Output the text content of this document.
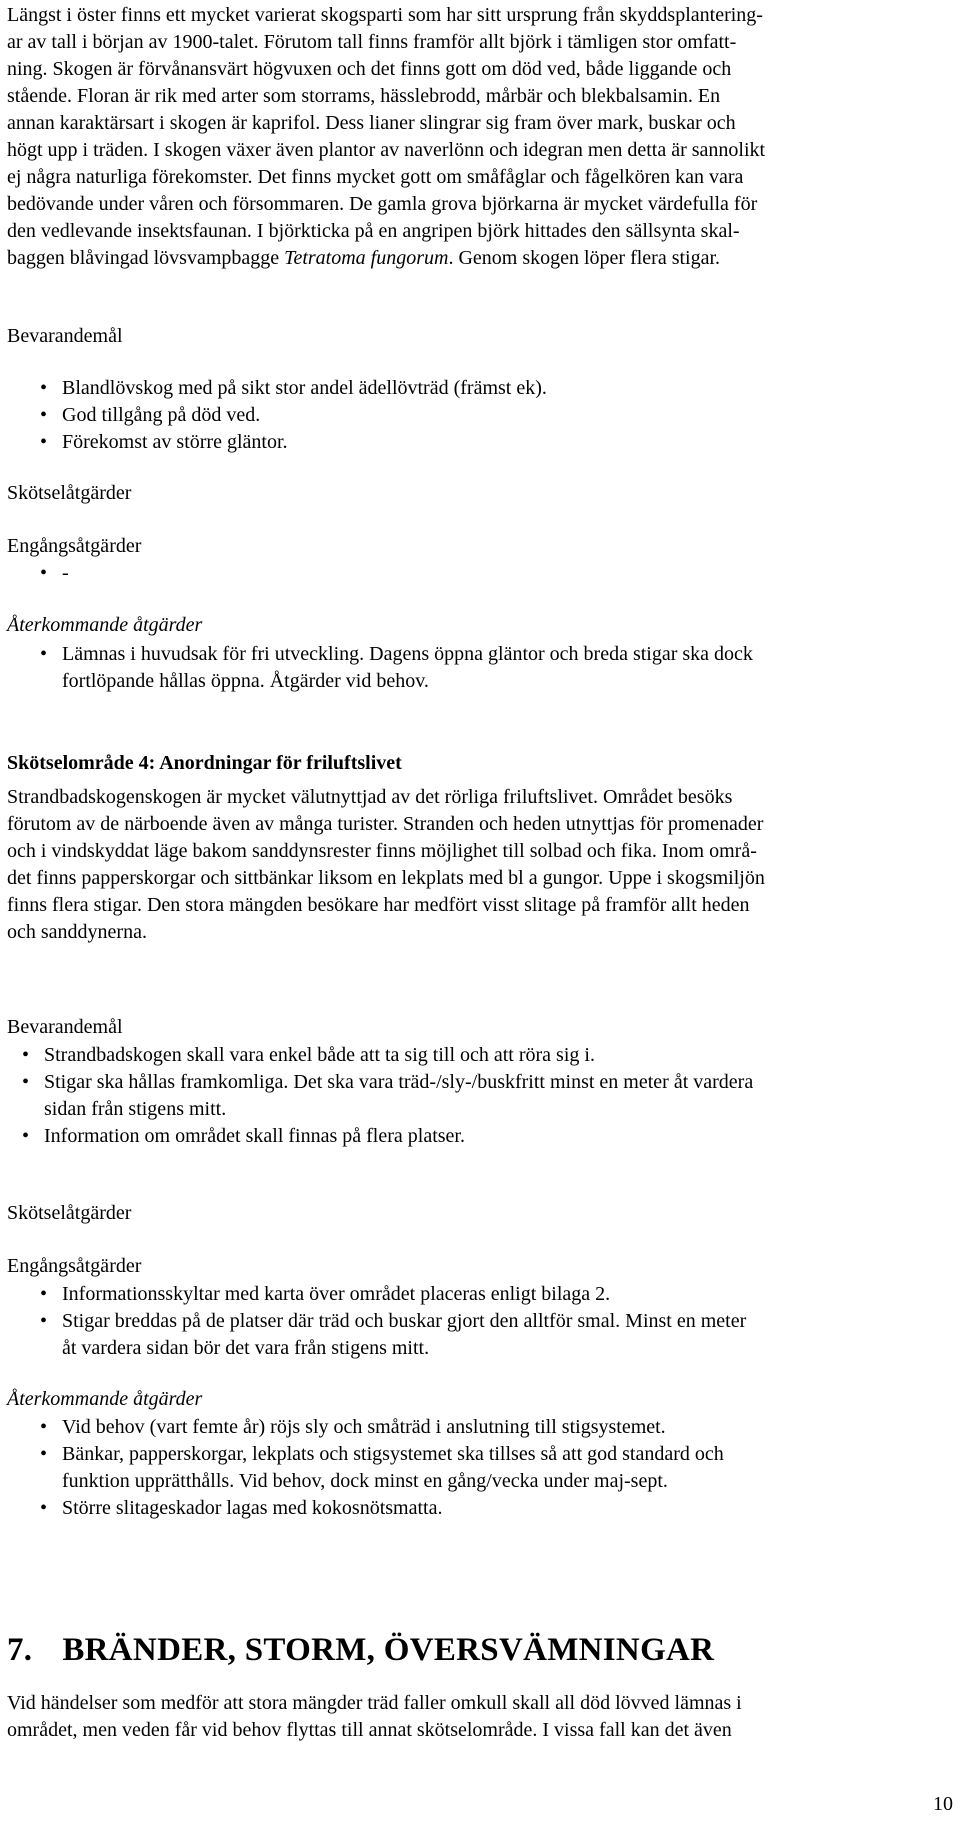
Längst i öster finns ett mycket varierat skogsparti som har sitt ursprung från skyddsplantering-
ar av tall i början av 1900-talet. Förutom tall finns framför allt björk i tämligen stor omfatt-
ning. Skogen är förvånansvärt högvuxen och det finns gott om död ved, både liggande och
stående. Floran är rik med arter som storrams, hässlebrodd, mårbär och blekbalsamin. En
annan karaktärsart i skogen är kaprifol. Dess lianer slingrar sig fram över mark, buskar och
högt upp i träden. I skogen växer även plantor av naverlönn och idegran men detta är sannolikt
ej några naturliga förekomster. Det finns mycket gott om småfåglar och fågelkören kan vara
bedövande under våren och försommaren. De gamla grova björkarna är mycket värdefulla för
den vedlevande insektsfaunan. I björkticka på en angripen björk hittades den sällsynta skal-
baggen blåvingad lövsvampbagge Tetratoma fungorum. Genom skogen löper flera stigar.

Bevarandemål
• Blandlövskog med på sikt stor andel ädellövträd (främst ek).
• God tillgång på död ved.
• Förekomst av större gläntor.
Skötselåtgärder
Engångsåtgärder
• -
Återkommande åtgärder
• Lämnas i huvudsak för fri utveckling. Dagens öppna gläntor och breda stigar ska dock
fortlöpande hållas öppna. Åtgärder vid behov.
Skötselområde 4: Anordningar för friluftslivet

Strandbadskogenskogen är mycket välutnyttjad av det rörliga friluftslivet. Området besöks
förutom av de närboende även av många turister. Stranden och heden utnyttjas för promenader
och i vindskyddat läge bakom sanddynsrester finns möjlighet till solbad och fika. Inom områ-
det finns papperskorgar och sittbänkar liksom en lekplats med bl a gungor. Uppe i skogsmiljön
finns flera stigar. Den stora mängden besökare har medfört visst slitage på framför allt heden
och sanddynerna.

Bevarandemål
• Strandbadskogen skall vara enkel både att ta sig till och att röra sig i.
• Stigar ska hållas framkomliga. Det ska vara träd-/sly-/buskfritt minst en meter åt vardera
sidan från stigens mitt.
• Information om området skall finnas på flera platser.
Skötselåtgärder
Engångsåtgärder
• Informationsskyltar med karta över området placeras enligt bilaga 2.
• Stigar breddas på de platser där träd och buskar gjort den alltför smal. Minst en meter
åt vardera sidan bör det vara från stigens mitt.
Återkommande åtgärder
• Vid behov (vart femte år) röjs sly och småträd i anslutning till stigsystemet.
• Bänkar, papperskorgar, lekplats och stigsystemet ska tillses så att god standard och
funktion upprätthålls. Vid behov, dock minst en gång/vecka under maj-sept.
• Större slitageskador lagas med kokosnötsmatta.
7. BRÄNDER, STORM, ÖVERSVÄMNINGAR

Vid händelser som medför att stora mängder träd faller omkull skall all död lövved lämnas i
området, men veden får vid behov flyttas till annat skötselområde. I vissa fall kan det även

10
